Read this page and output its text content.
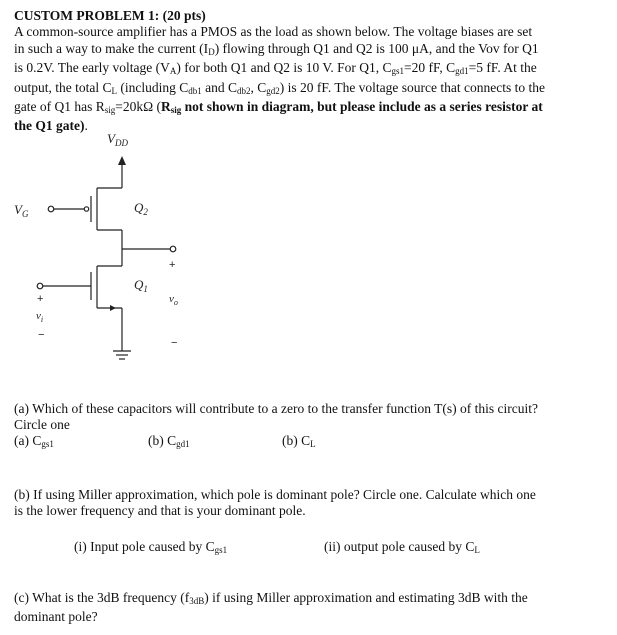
CUSTOM PROBLEM 1: (20 pts)
A common-source amplifier has a PMOS as the load as shown below. The voltage biases are set
in such a way to make the current $(I_D)$ flowing through Q1 and Q2 is 100 μA, and the Vov for Q1
is 0.2V. The early voltage $(V_A)$ for both Q1 and Q2 is 10 V. For Q1, $C_{gs1}=20$ fF, $C_{gd1}=5$ fF. At the
output, the total $C_L$ (including $C_{db1}$ and $C_{db2}$, $C_{gd2}$) is 20 fF. The voltage source that connects to the
gate of Q1 has $R_{sig}=20k\Omega$ ($R_{sig}$ not shown in diagram, but please include as a series resistor at
the Q1 gate).
$V_{DD}$
$V_G$	$Q_2$
$Q_1$
$v_o$
$v_i$
+
−
+
−
(a) Which of these capacitors will contribute to a zero to the transfer function T(s) of this circuit?
Circle one
(a) $C_{gs1}$	(b) $C_{gd1}$	(b) $C_L$
(b) If using Miller approximation, which pole is dominant pole? Circle one. Calculate which one
is the lower frequency and that is your dominant pole.
(i) Input pole caused by $C_{gs1}$	(ii) output pole caused by $C_L$
(c) What is the 3dB frequency $(f_{3dB})$ if using Miller approximation and estimating 3dB with the
dominant pole?
